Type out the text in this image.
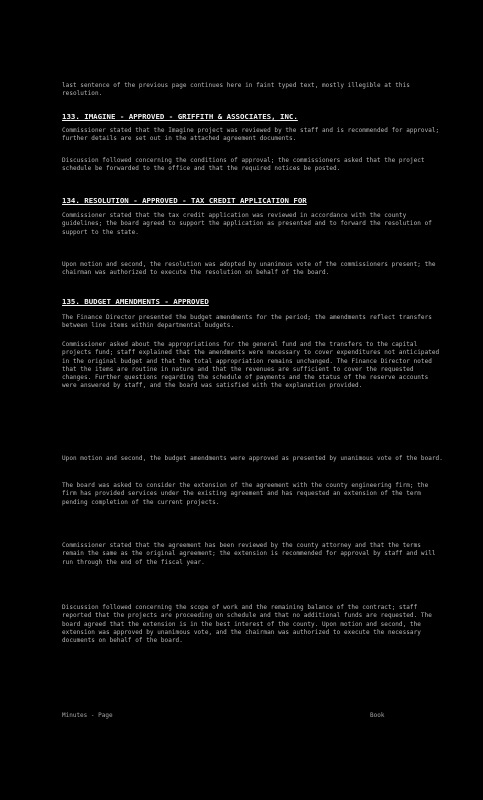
last sentence of the previous page continues here in faint typed text, mostly illegible at this resolution.
133. IMAGINE - APPROVED - GRIFFITH & ASSOCIATES, INC.
Commissioner stated that the Imagine project was reviewed by the staff and is recommended for approval; further details are set out in the attached agreement documents.
Discussion followed concerning the conditions of approval; the commissioners asked that the project schedule be forwarded to the office and that the required notices be posted.
134. RESOLUTION - APPROVED - TAX CREDIT APPLICATION FOR
Commissioner stated that the tax credit application was reviewed in accordance with the county guidelines; the board agreed to support the application as presented and to forward the resolution of support to the state.
Upon motion and second, the resolution was adopted by unanimous vote of the commissioners present; the chairman was authorized to execute the resolution on behalf of the board.
135. BUDGET AMENDMENTS - APPROVED
The Finance Director presented the budget amendments for the period; the amendments reflect transfers between line items within departmental budgets.
Commissioner asked about the appropriations for the general fund and the transfers to the capital projects fund; staff explained that the amendments were necessary to cover expenditures not anticipated in the original budget and that the total appropriation remains unchanged. The Finance Director noted that the items are routine in nature and that the revenues are sufficient to cover the requested changes. Further questions regarding the schedule of payments and the status of the reserve accounts were answered by staff, and the board was satisfied with the explanation provided.
Upon motion and second, the budget amendments were approved as presented by unanimous vote of the board.
The board was asked to consider the extension of the agreement with the county engineering firm; the firm has provided services under the existing agreement and has requested an extension of the term pending completion of the current projects.
Commissioner stated that the agreement has been reviewed by the county attorney and that the terms remain the same as the original agreement; the extension is recommended for approval by staff and will run through the end of the fiscal year.
Discussion followed concerning the scope of work and the remaining balance of the contract; staff reported that the projects are proceeding on schedule and that no additional funds are requested. The board agreed that the extension is in the best interest of the county. Upon motion and second, the extension was approved by unanimous vote, and the chairman was authorized to execute the necessary documents on behalf of the board.
Minutes - Page	Book
